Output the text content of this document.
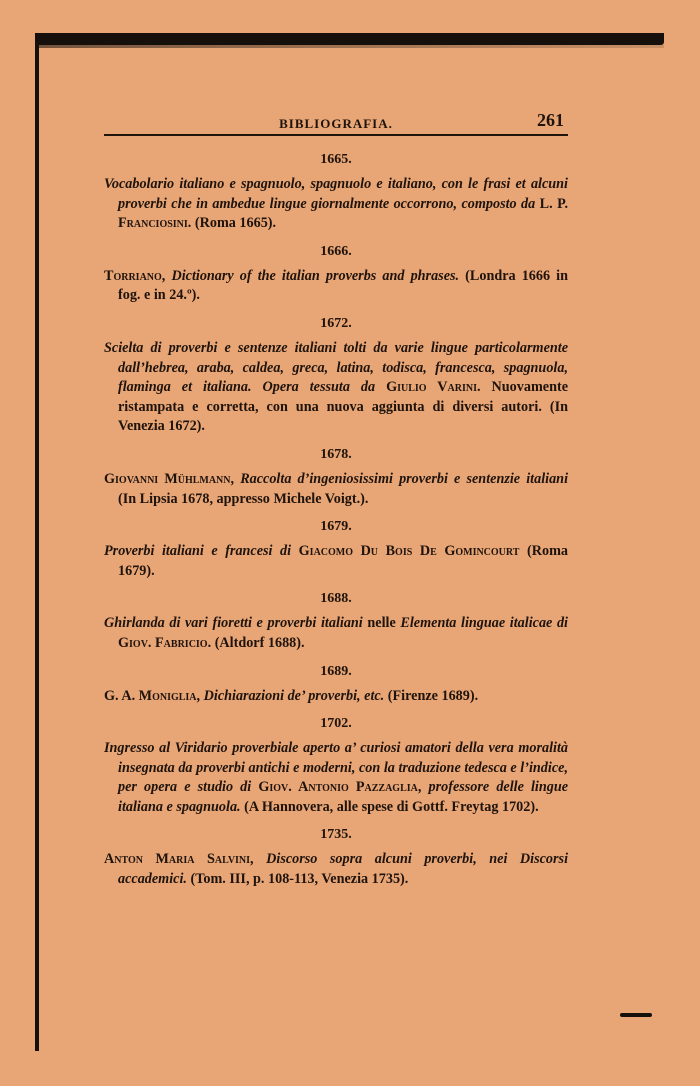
BIBLIOGRAFIA.	261
1665.
Vocabolario italiano e spagnuolo, spagnuolo e italiano, con le frasi et alcuni proverbi che in ambedue lingue giornalmente occorrono, composto da L. P. Franciosini. (Roma 1665).
1666.
Torriano, Dictionary of the italian proverbs and phrases. (Londra 1666 in fog. e in 24.º).
1672.
Scielta di proverbi e sentenze italiani tolti da varie lingue particolarmente dall’hebrea, araba, caldea, greca, latina, todisca, francesca, spagnuola, flaminga et italiana. Opera tessuta da Giulio Varini. Nuovamente ristampata e corretta, con una nuova aggiunta di diversi autori. (In Venezia 1672).
1678.
Giovanni Mühlmann, Raccolta d’ingeniosissimi proverbi e sentenzie italiani (In Lipsia 1678, appresso Michele Voigt.).
1679.
Proverbi italiani e francesi di Giacomo Du Bois De Gomincourt (Roma 1679).
1688.
Ghirlanda di vari fioretti e proverbi italiani nelle Elementa linguae italicae di Giov. Fabricio. (Altdorf 1688).
1689.
G. A. Moniglia, Dichiarazioni de’ proverbi, etc. (Firenze 1689).
1702.
Ingresso al Viridario proverbiale aperto a’ curiosi amatori della vera moralità insegnata da proverbi antichi e moderni, con la traduzione tedesca e l’indice, per opera e studio di Giov. Antonio Pazzaglia, professore delle lingue italiana e spagnuola. (A Hannovera, alle spese di Gottf. Freytag 1702).
1735.
Anton Maria Salvini, Discorso sopra alcuni proverbi, nei Discorsi accademici. (Tom. III, p. 108-113, Venezia 1735).
